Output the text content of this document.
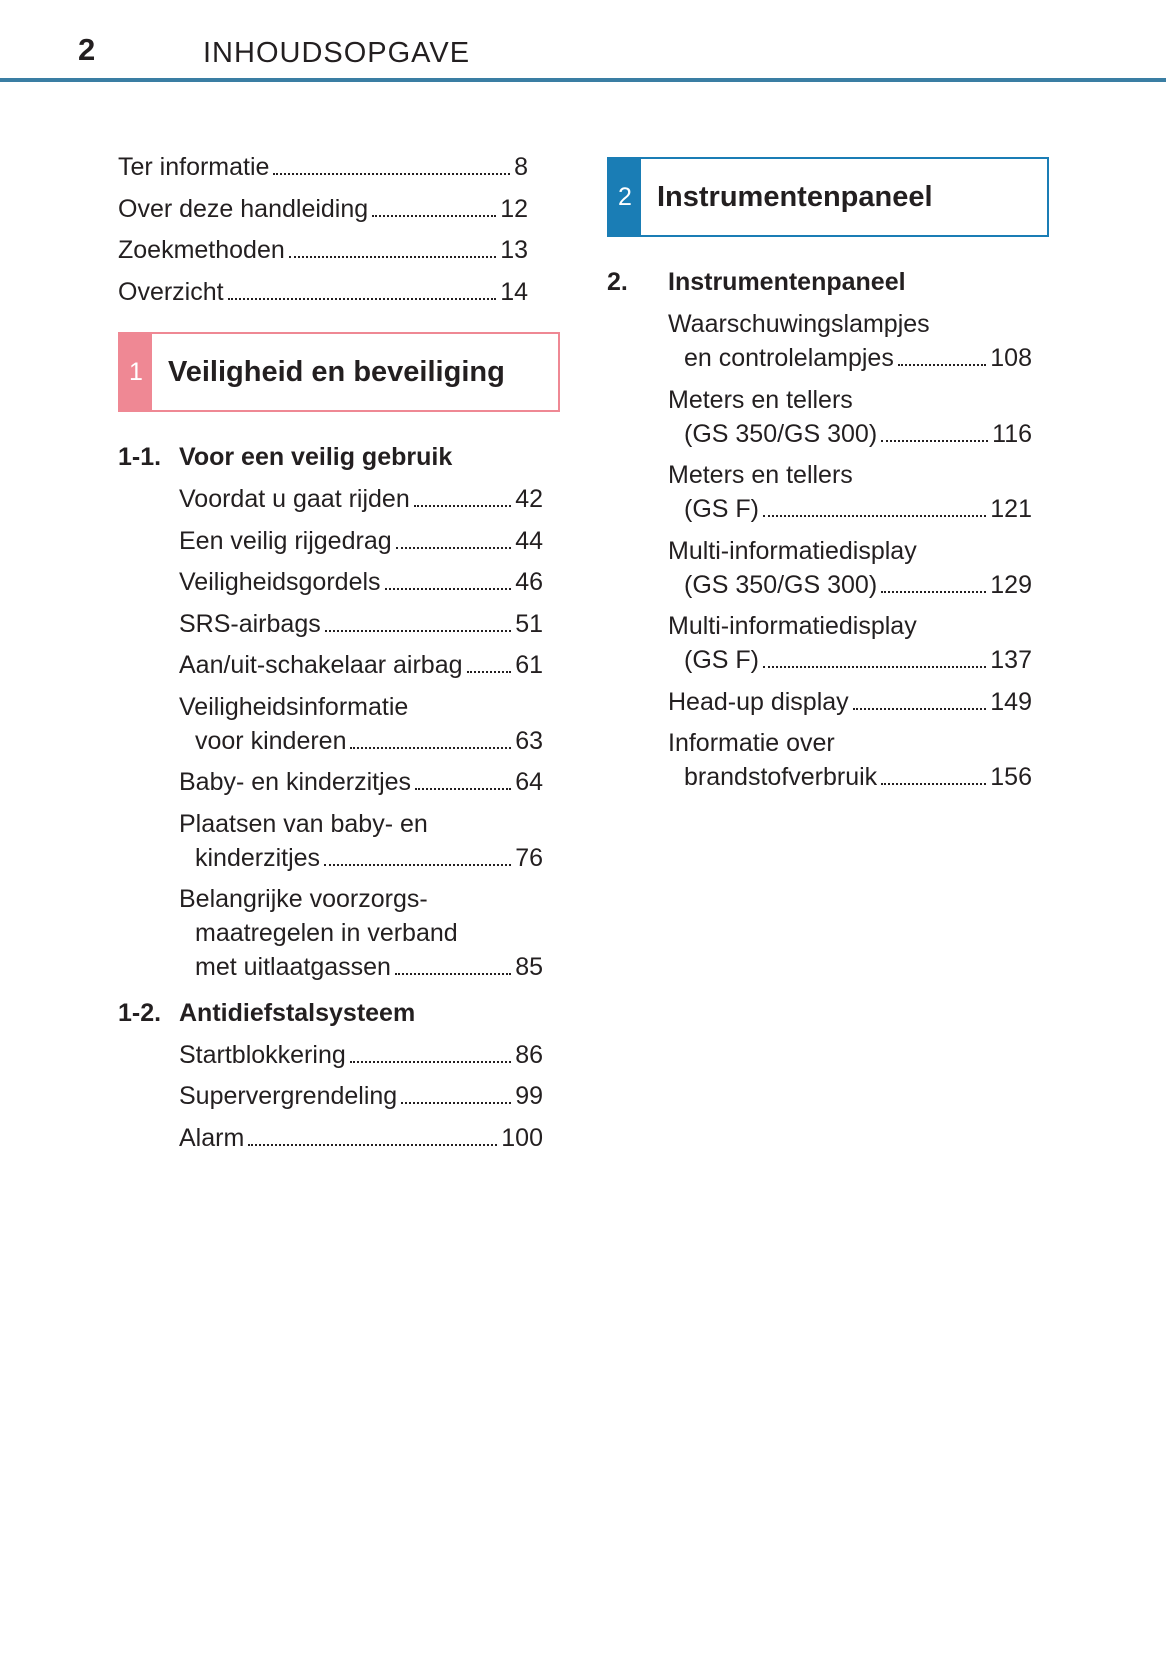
2	INHOUDSOPGAVE
Ter informatie	8
Over deze handleiding	12
Zoekmethoden	13
Overzicht	14
1 Veiligheid en beveiliging
1-1. Voor een veilig gebruik
Voordat u gaat rijden	42
Een veilig rijgedrag	44
Veiligheidsgordels	46
SRS-airbags	51
Aan/uit-schakelaar airbag 61
Veiligheidsinformatie
voor kinderen	63
Baby- en kinderzitjes	64
Plaatsen van baby- en
kinderzitjes	76
Belangrijke voorzorgs-
maatregelen in verband
met uitlaatgassen	85
1-2. Antidiefstalsysteem
Startblokkering	86
Supervergrendeling	99
Alarm	100
2 Instrumentenpaneel
2. Instrumentenpaneel
Waarschuwingslampjes
en controlelampjes	108
Meters en tellers
(GS 350/GS 300)	116
Meters en tellers
(GS F)	121
Multi-informatiedisplay
(GS 350/GS 300)	129
Multi-informatiedisplay
(GS F)	137
Head-up display	149
Informatie over
brandstofverbruik	156
